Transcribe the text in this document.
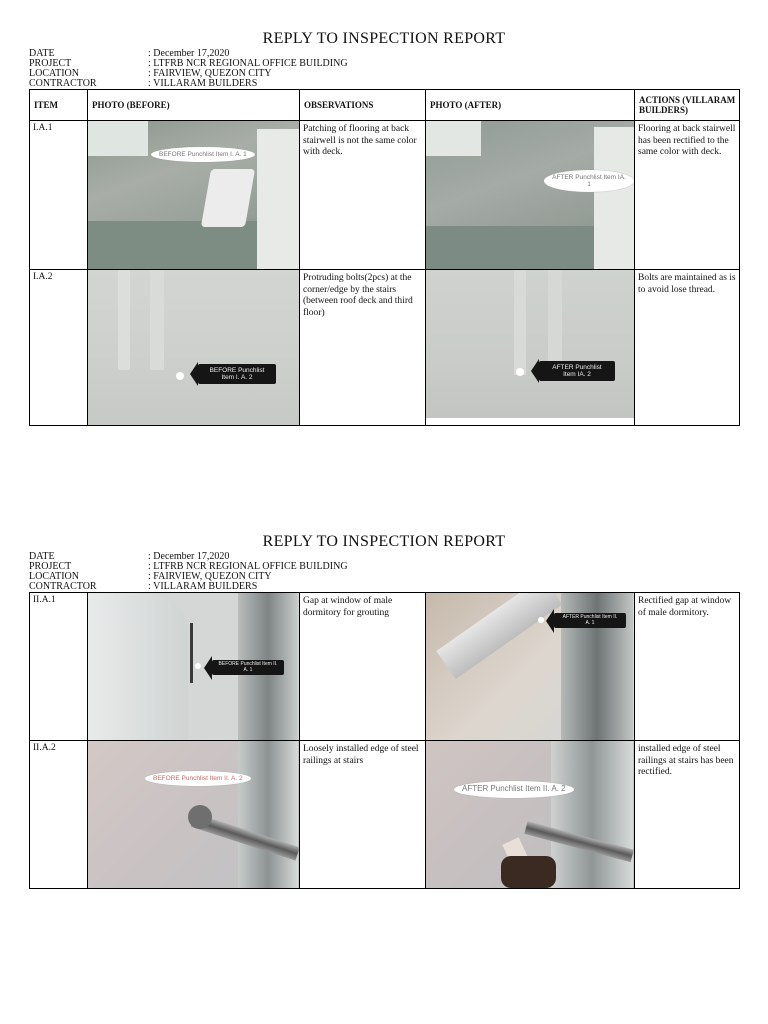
REPLY TO INSPECTION REPORT
DATE	: December 17,2020
PROJECT	: LTFRB NCR REGIONAL OFFICE BUILDING
LOCATION	: FAIRVIEW, QUEZON CITY
CONTRACTOR	: VILLARAM BUILDERS
ITEM	PHOTO (BEFORE)	OBSERVATIONS	PHOTO (AFTER)	ACTIONS (VILLARAM BUILDERS)
I.A.1	BEFORE Punchlist Item I. A. 1	Patching of flooring at back stairwell is not the same color with deck.	AFTER Punchlist Item IA. 1	Flooring at back stairwell has been rectified to the same color with deck.
I.A.2	BEFORE Punchlist Item I. A. 2	Protruding bolts(2pcs) at the corner/edge by the stairs (between roof deck and third floor)	AFTER Punchlist Item IA. 2	Bolts are maintained as is to avoid lose thread.
REPLY TO INSPECTION REPORT
DATE	: December 17,2020
PROJECT	: LTFRB NCR REGIONAL OFFICE BUILDING
LOCATION	: FAIRVIEW, QUEZON CITY
CONTRACTOR	: VILLARAM BUILDERS
II.A.1	BEFORE Punchlist Item II. A. 1	Gap at window of male dormitory for grouting	AFTER Punchlist Item II. A. 1	Rectified gap at window of male dormitory.
II.A.2	BEFORE Punchlist Item II. A. 2	Loosely installed edge of steel railings at stairs	AFTER Punchlist Item II. A. 2	installed edge of steel railings at stairs has been rectified.
